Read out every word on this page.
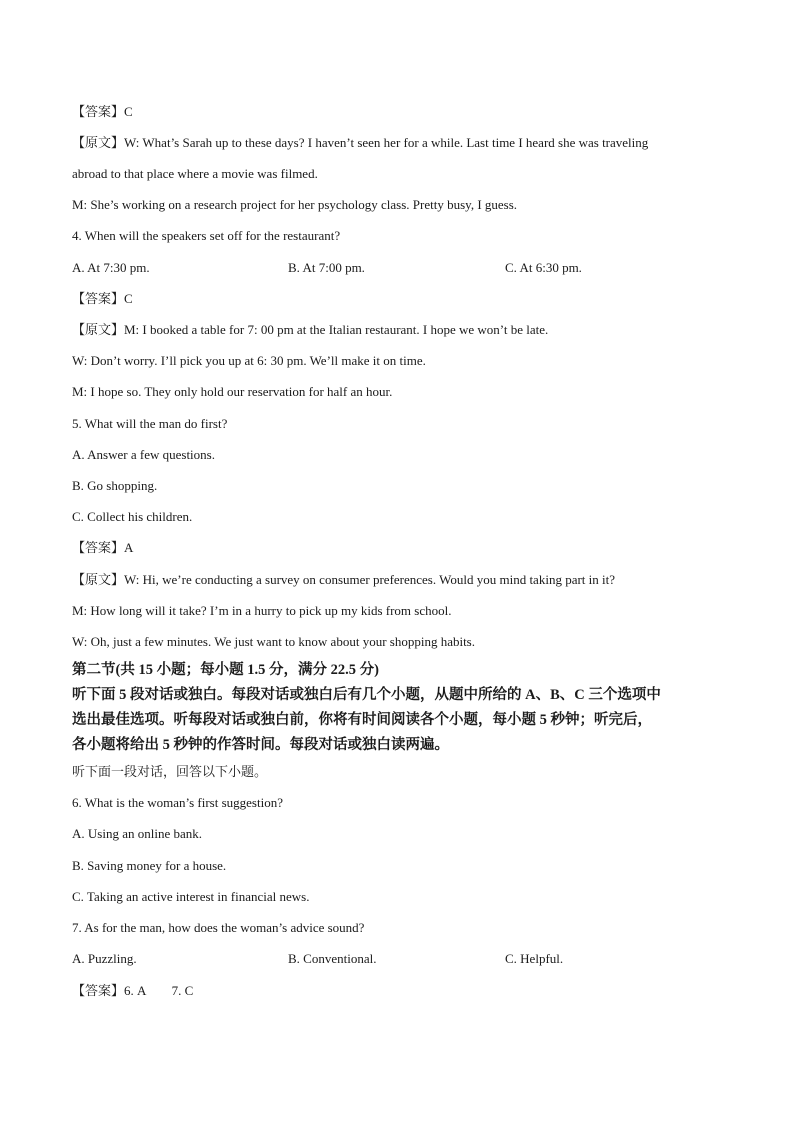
【答案】C

【原文】W: What’s Sarah up to these days? I haven’t seen her for a while. Last time I heard she was traveling

abroad to that place where a movie was filmed.

M: She’s working on a research project for her psychology class. Pretty busy, I guess.

4. When will the speakers set off for the restaurant?

A. At 7:30 pm.	B. At 7:00 pm.	C. At 6:30 pm.

【答案】C

【原文】M: I booked a table for 7: 00 pm at the Italian restaurant. I hope we won’t be late.

W: Don’t worry. I’ll pick you up at 6: 30 pm. We’ll make it on time.

M: I hope so. They only hold our reservation for half an hour.

5. What will the man do first?

A. Answer a few questions.

B. Go shopping.

C. Collect his children.

【答案】A

【原文】W: Hi, we’re conducting a survey on consumer preferences. Would you mind taking part in it?

M: How long will it take? I’m in a hurry to pick up my kids from school.

W: Oh, just a few minutes. We just want to know about your shopping habits.

第二节(共 15 小题；每小题 1.5 分，满分 22.5 分)

听下面 5 段对话或独白。每段对话或独白后有几个小题，从题中所给的 A、B、C 三个选项中

选出最佳选项。听每段对话或独白前，你将有时间阅读各个小题，每小题 5 秒钟；听完后，

各小题将给出 5 秒钟的作答时间。每段对话或独白读两遍。

听下面一段对话，回答以下小题。

6. What is the woman’s first suggestion?

A. Using an online bank.

B. Saving money for a house.

C. Taking an active interest in financial news.

7. As for the man, how does the woman’s advice sound?

A. Puzzling.	B. Conventional.	C. Helpful.

【答案】6. A        7. C
